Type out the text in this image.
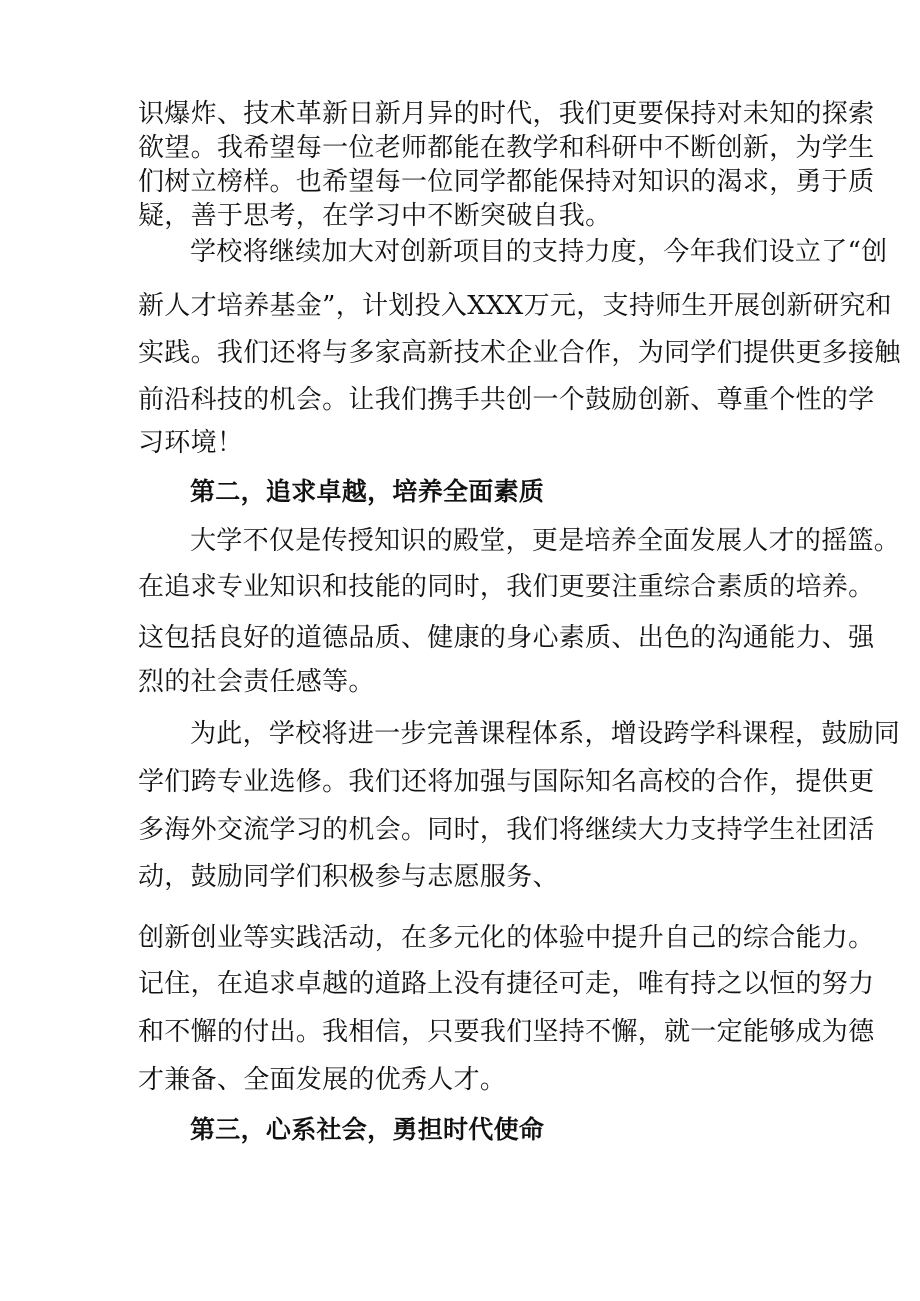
识爆炸、技术革新日新月异的时代，我们更要保持对未知的探索
欲望。我希望每一位老师都能在教学和科研中不断创新，为学生
们树立榜样。也希望每一位同学都能保持对知识的渴求，勇于质
疑，善于思考，在学习中不断突破自我。
学校将继续加大对创新项目的支持力度，今年我们设立了“创
新人才培养基金”，计划投入XXX万元，支持师生开展创新研究和
实践。我们还将与多家高新技术企业合作，为同学们提供更多接触
前沿科技的机会。让我们携手共创一个鼓励创新、尊重个性的学
习环境！
第二，追求卓越，培养全面素质
大学不仅是传授知识的殿堂，更是培养全面发展人才的摇篮。
在追求专业知识和技能的同时，我们更要注重综合素质的培养。
这包括良好的道德品质、健康的身心素质、出色的沟通能力、强
烈的社会责任感等。
为此，学校将进一步完善课程体系，增设跨学科课程，鼓励同
学们跨专业选修。我们还将加强与国际知名高校的合作，提供更
多海外交流学习的机会。同时，我们将继续大力支持学生社团活
动，鼓励同学们积极参与志愿服务、
创新创业等实践活动，在多元化的体验中提升自己的综合能力。
记住，在追求卓越的道路上没有捷径可走，唯有持之以恒的努力
和不懈的付出。我相信，只要我们坚持不懈，就一定能够成为德
才兼备、全面发展的优秀人才。
第三，心系社会，勇担时代使命
